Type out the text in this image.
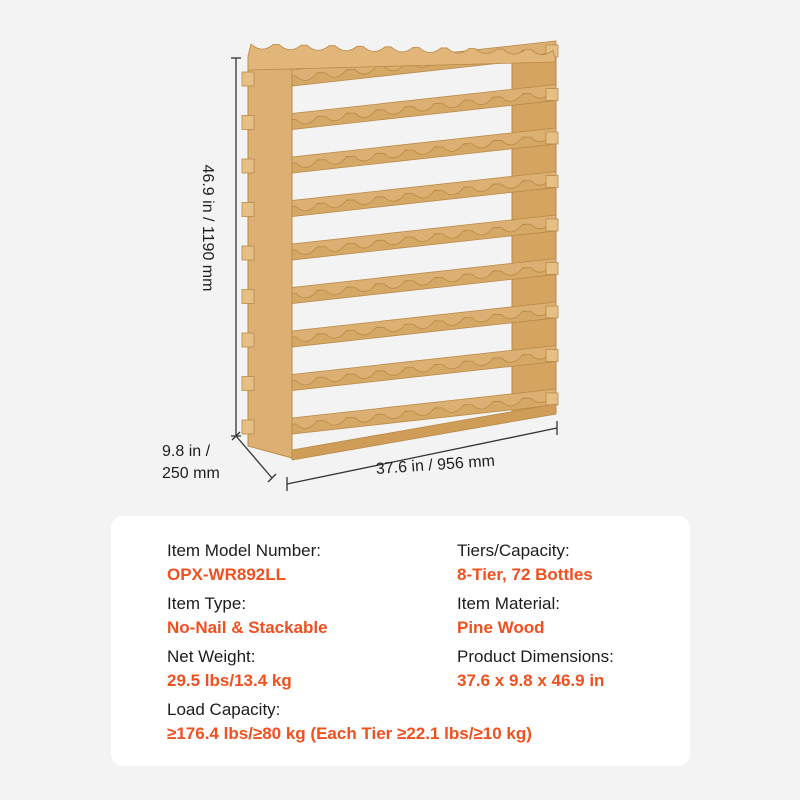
46.9 in / 1190 mm
9.8 in /
250 mm	37.6 in / 956 mm
Item Model Number:
OPX-WR892LL
Tiers/Capacity:
8-Tier, 72 Bottles
Item Type:
No-Nail & Stackable
Item Material:
Pine Wood
Net Weight:
29.5 lbs/13.4 kg
Product Dimensions:
37.6 x 9.8 x 46.9 in
Load Capacity:
≥176.4 lbs/≥80 kg (Each Tier ≥22.1 lbs/≥10 kg)
